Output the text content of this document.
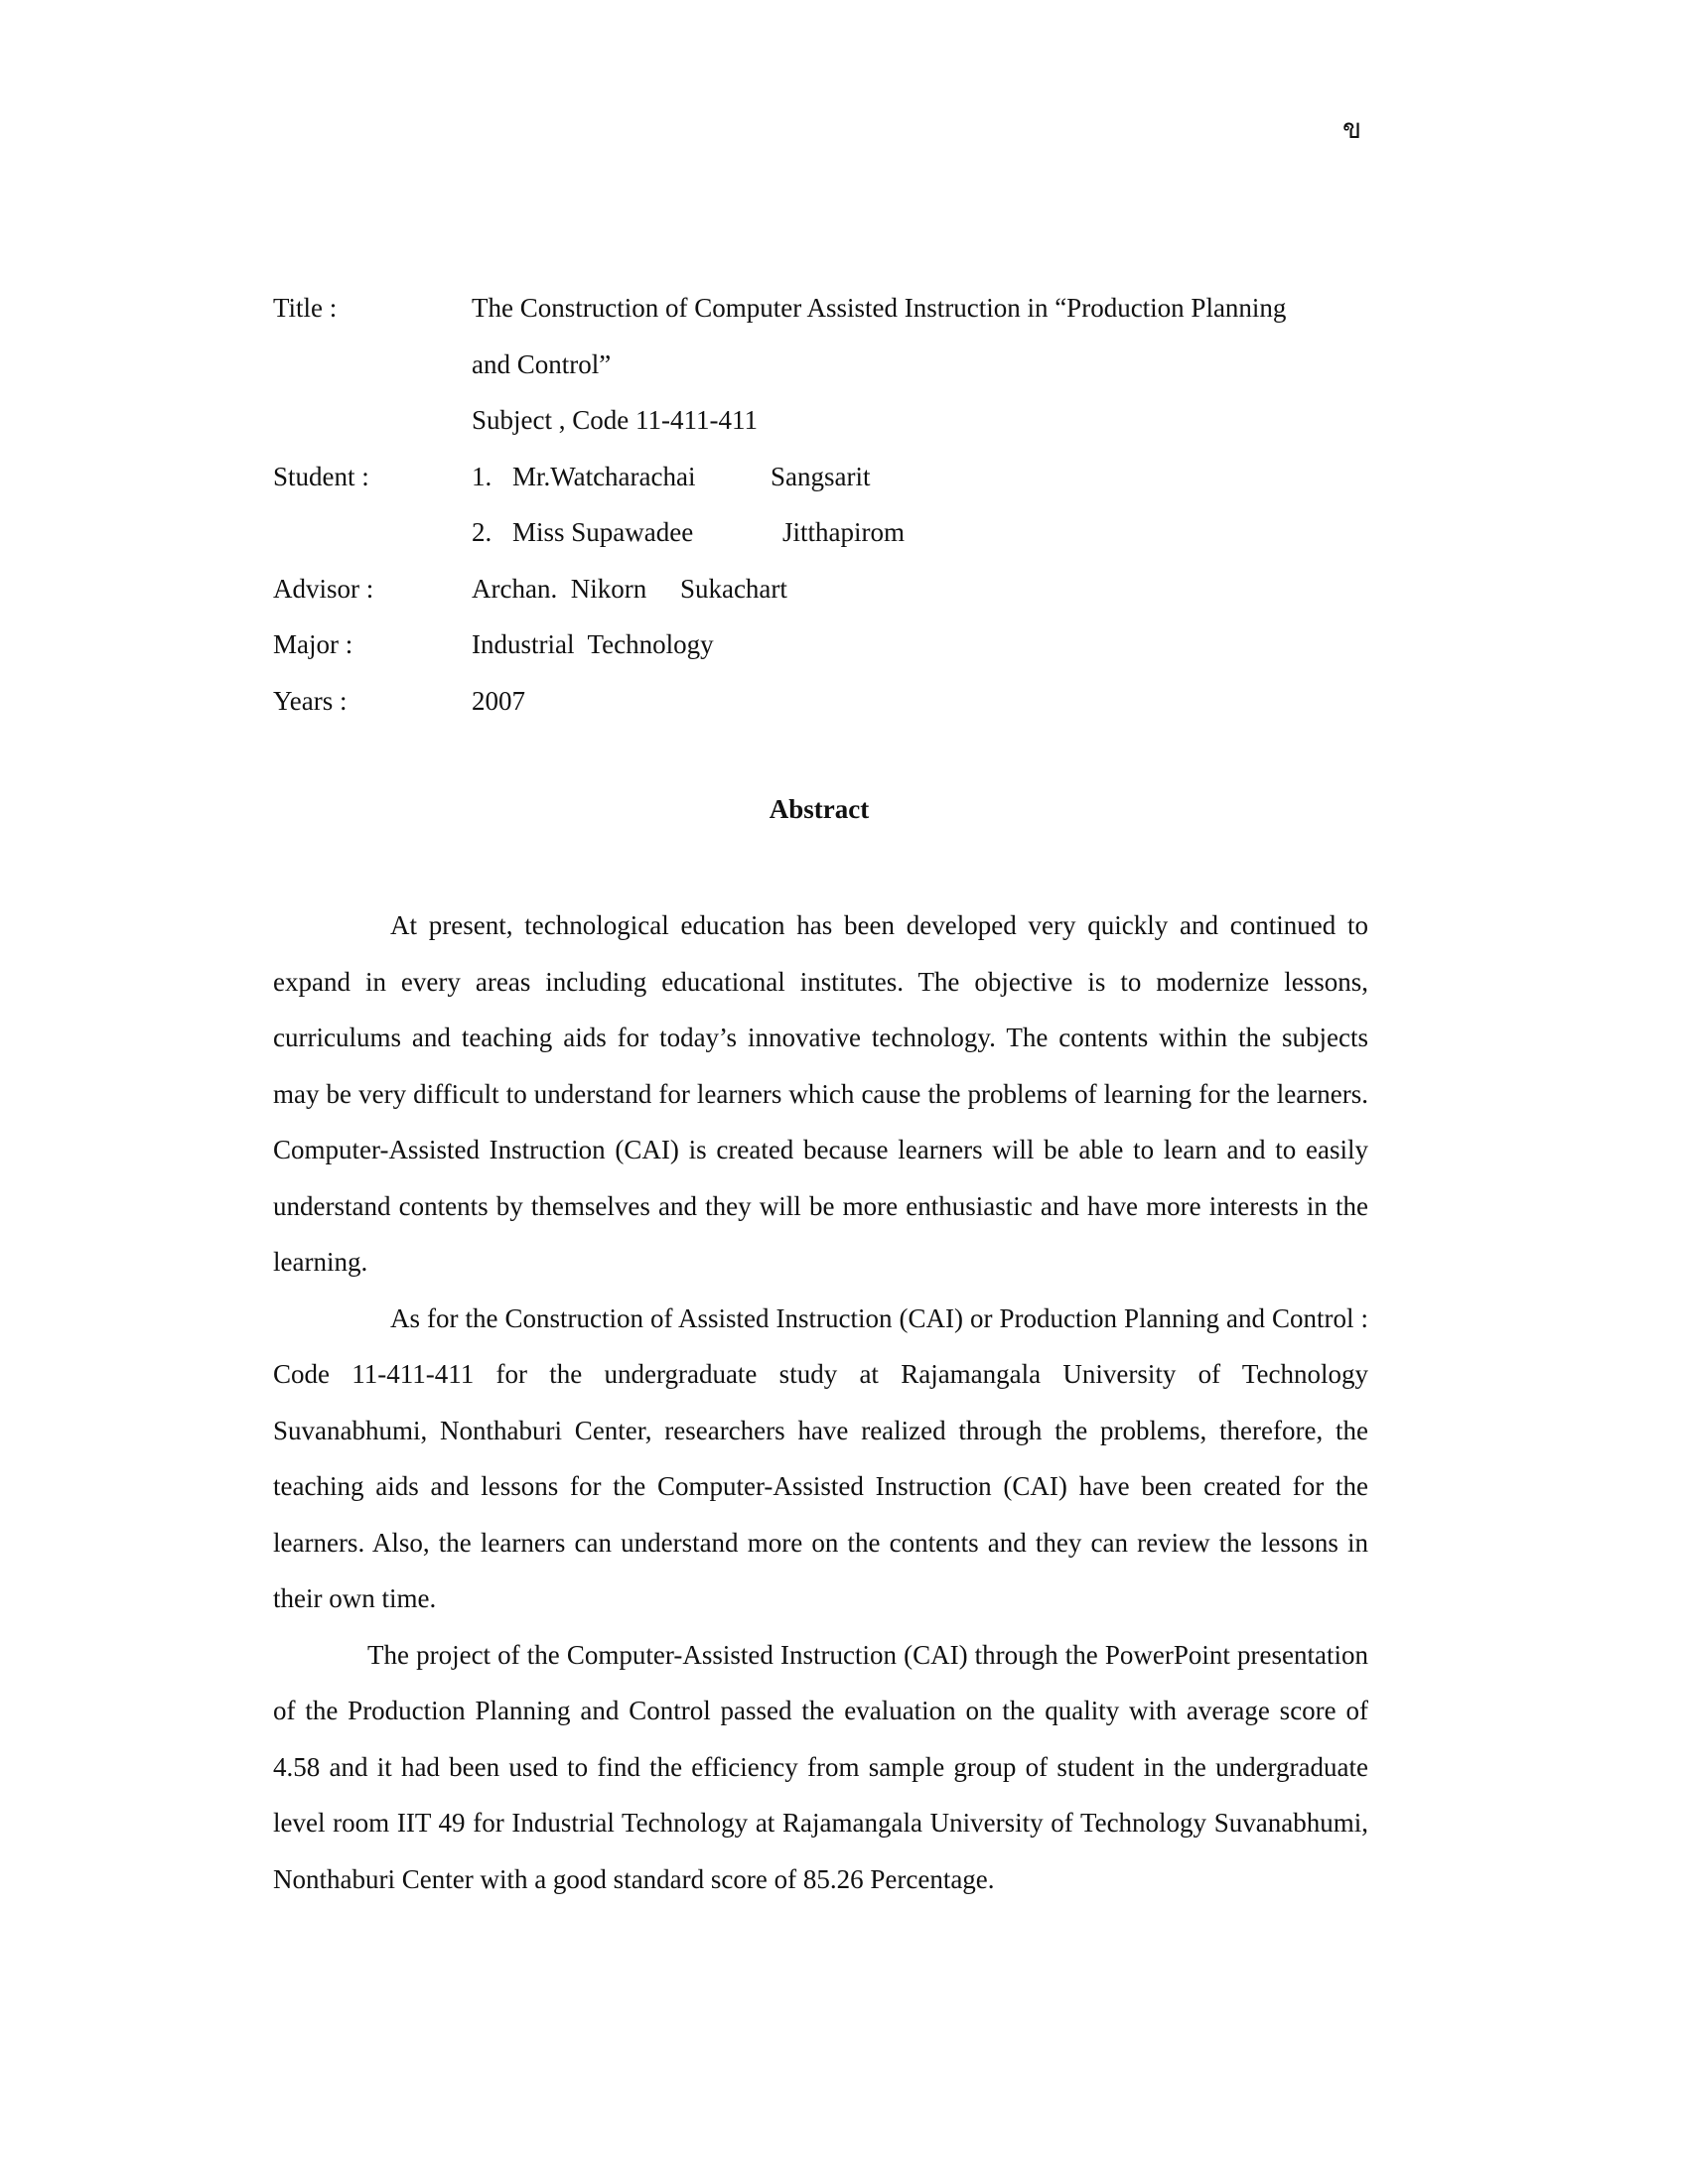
ข
Title :	The Construction of Computer Assisted Instruction in “Production Planning
and Control”
Subject , Code 11-411-411
Student :	1. Mr.Watcharachai	Sangsarit
2. Miss Supawadee	Jitthapirom
Advisor :	Archan.  Nikorn     Sukachart
Major :	Industrial  Technology
Years :	2007
Abstract

At present, technological education has been developed very quickly and continued to expand in every areas including educational institutes. The objective is to modernize lessons, curriculums and teaching aids for today’s innovative technology. The contents within the subjects may be very difficult to understand for learners which cause the problems of learning for the learners. Computer-Assisted Instruction (CAI) is created because learners will be able to learn and to easily understand contents by themselves and they will be more enthusiastic and have more interests in the learning.

As for the Construction of Assisted Instruction (CAI) or Production Planning and Control : Code 11-411-411 for the undergraduate study at Rajamangala University of Technology Suvanabhumi, Nonthaburi Center, researchers have realized through the problems, therefore, the teaching aids and lessons for the Computer-Assisted Instruction (CAI) have been created for the learners. Also, the learners can understand more on the contents and they can review the lessons in their own time.

The project of the Computer-Assisted Instruction (CAI) through the PowerPoint presentation of the Production Planning and Control passed the evaluation on the quality with average score of 4.58 and it had been used to find the efficiency from sample group of student in the undergraduate level room IIT 49 for Industrial Technology at Rajamangala University of Technology Suvanabhumi, Nonthaburi Center with a good standard score of 85.26 Percentage.
